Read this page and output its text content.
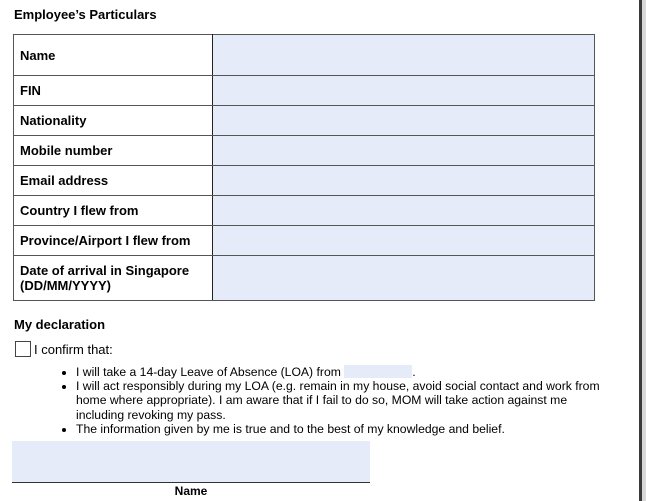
Employee’s Particulars
Name	
FIN	
Nationality	
Mobile number	
Email address	
Country I flew from	
Province/Airport I flew from	
Date of arrival in Singapore (DD/MM/YYYY)	
My declaration
I confirm that:
• I will take a 14-day Leave of Absence (LOA) from	.
• I will act responsibly during my LOA (e.g. remain in my house, avoid social contact and work from home where appropriate). I am aware that if I fail to do so, MOM will take action against me including revoking my pass.
• The information given by me is true and to the best of my knowledge and belief.
Name
